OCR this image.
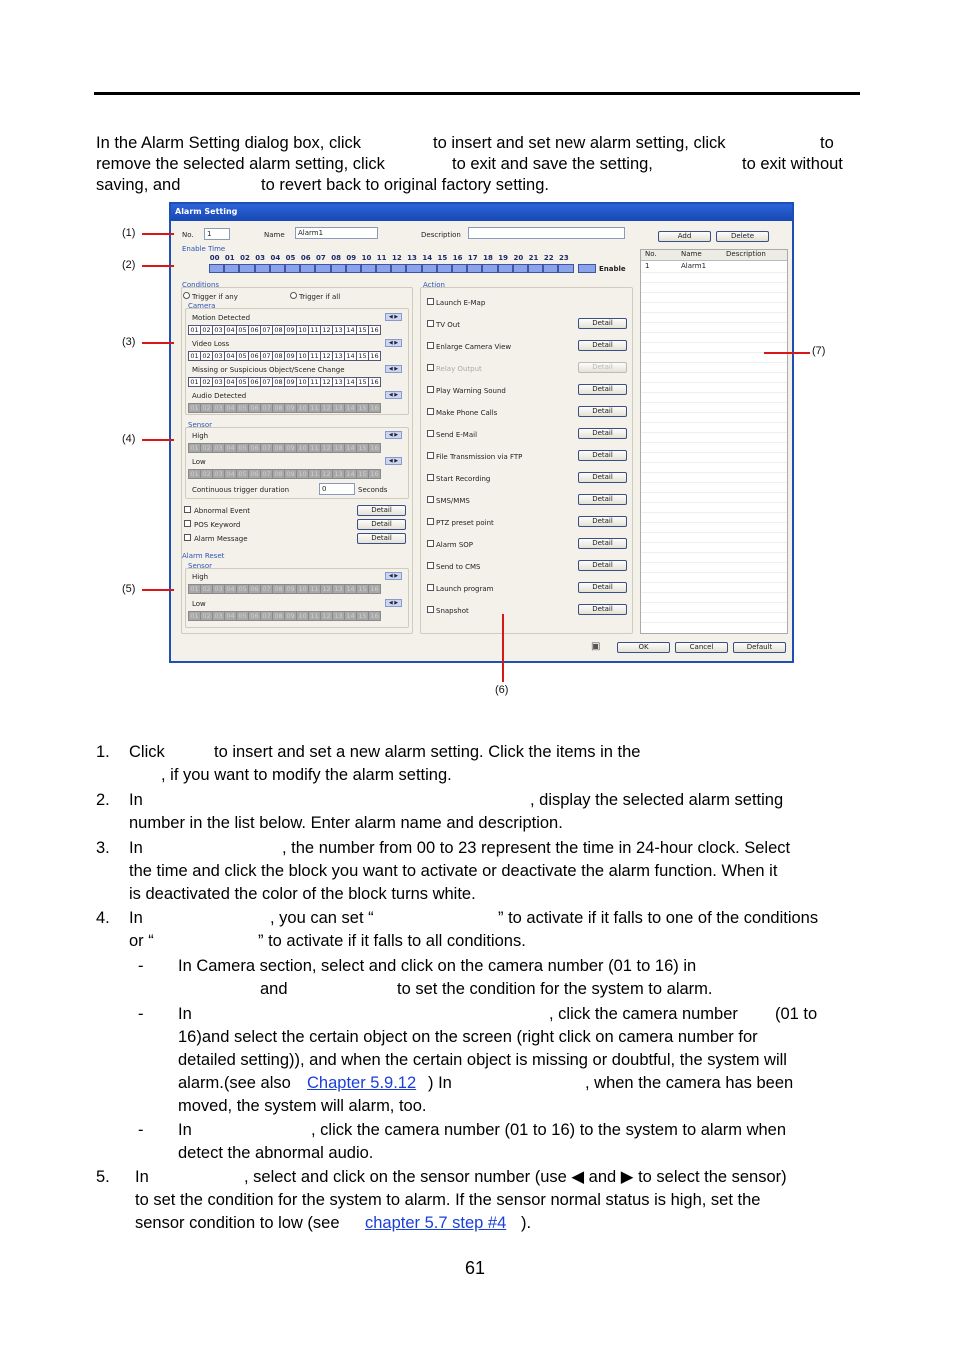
In the Alarm Setting dialog box, click	to insert and set new alarm setting, click	to
remove the selected alarm setting, click	to exit and save the setting,	to exit without
saving, and	to revert back to original factory setting.
Alarm Setting
No.	1	Name	Alarm1	Description	Add	Delete
Enable Time
00 01 02 03 04 05 06 07 08 09 10 11 12 13 14 15 16 17 18 19 20 21 22 23
Enable
Conditions
Trigger if any	Trigger if all
Camera
Motion Detected	◀ ▶
01 02 03 04 05 06 07 08 09 10 11 12 13 14 15 16
Video Loss	◀ ▶
01 02 03 04 05 06 07 08 09 10 11 12 13 14 15 16
Missing or Suspicious Object/Scene Change	◀ ▶
01 02 03 04 05 06 07 08 09 10 11 12 13 14 15 16
Audio Detected	◀ ▶
01 02 03 04 05 06 07 08 09 10 11 12 13 14 15 16
Sensor
High	◀ ▶
01 02 03 04 05 06 07 08 09 10 11 12 13 14 15 16
Low	◀ ▶
01 02 03 04 05 06 07 08 09 10 11 12 13 14 15 16
Continuous trigger duration	0	Seconds
Abnormal Event	Detail
POS Keyword	Detail
Alarm Message	Detail
Alarm Reset
Sensor
High	◀ ▶
01 02 03 04 05 06 07 08 09 10 11 12 13 14 15 16
Low	◀ ▶
01 02 03 04 05 06 07 08 09 10 11 12 13 14 15 16
Action
Launch E-Map
TV Out	Detail
Enlarge Camera View	Detail
Relay Output	Detail
Play Warning Sound	Detail
Make Phone Calls	Detail
Send E-Mail	Detail
File Transmission via FTP	Detail
Start Recording	Detail
SMS/MMS	Detail
PTZ preset point	Detail
Alarm SOP	Detail
Send to CMS	Detail
Launch program	Detail
Snapshot	Detail
No.	Name	Description
1	Alarm1
▣	OK	Cancel	Default
(1)
(2)
(3)
(4)
(5)
(6)
(7)
1. Click	to insert and set a new alarm setting. Click the items in the
, if you want to modify the alarm setting.
2. In	, display the selected alarm setting
number in the list below. Enter alarm name and description.
3. In	, the number from 00 to 23 represent the time in 24-hour clock. Select
the time and click the block you want to activate or deactivate the alarm function. When it
is deactivated the color of the block turns white.
4. In	, you can set “	” to activate if it falls to one of the conditions
or “	” to activate if it falls to all conditions.
- In Camera section, select and click on the camera number (01 to 16) in
and	to set the condition for the system to alarm.
- In	, click the camera number (01 to
16)and select the certain object on the screen (right click on camera number for
detailed setting)), and when the certain object is missing or doubtful, the system will
alarm.(see also Chapter 5.9.12 ) In	, when the camera has been
moved, the system will alarm, too.
- In	, click the camera number (01 to 16) to the system to alarm when
detect the abnormal audio.
5. In	, select and click on the sensor number (use ◀ and ▶ to select the sensor)
to set the condition for the system to alarm. If the sensor normal status is high, set the
sensor condition to low (see chapter 5.7 step #4 ).
61
